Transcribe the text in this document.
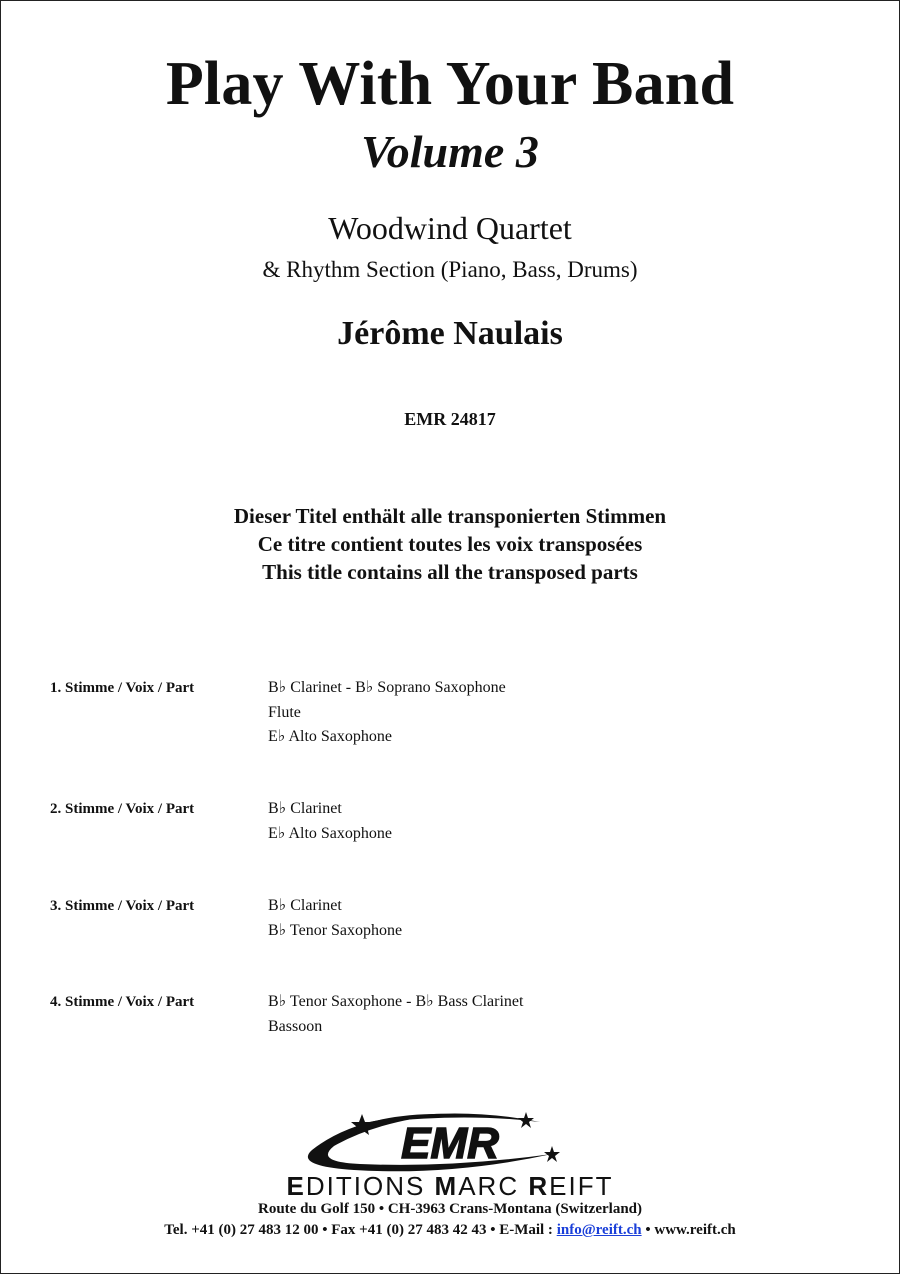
Play With Your Band
Volume 3
Woodwind Quartet
& Rhythm Section (Piano, Bass, Drums)
Jérôme Naulais
EMR 24817
Dieser Titel enthält alle transponierten Stimmen
Ce titre contient toutes les voix transposées
This title contains all the transposed parts
1. Stimme / Voix / Part	B♭ Clarinet - B♭ Soprano Saxophone
Flute
E♭ Alto Saxophone
2. Stimme / Voix / Part	B♭ Clarinet
E♭ Alto Saxophone
3. Stimme / Voix / Part	B♭ Clarinet
B♭ Tenor Saxophone
4. Stimme / Voix / Part	B♭ Tenor Saxophone - B♭ Bass Clarinet
Bassoon
EMR
EDITIONS MARC REIFT
Route du Golf 150 • CH-3963 Crans-Montana (Switzerland)
Tel. +41 (0) 27 483 12 00 • Fax +41 (0) 27 483 42 43 • E-Mail : info@reift.ch • www.reift.ch
